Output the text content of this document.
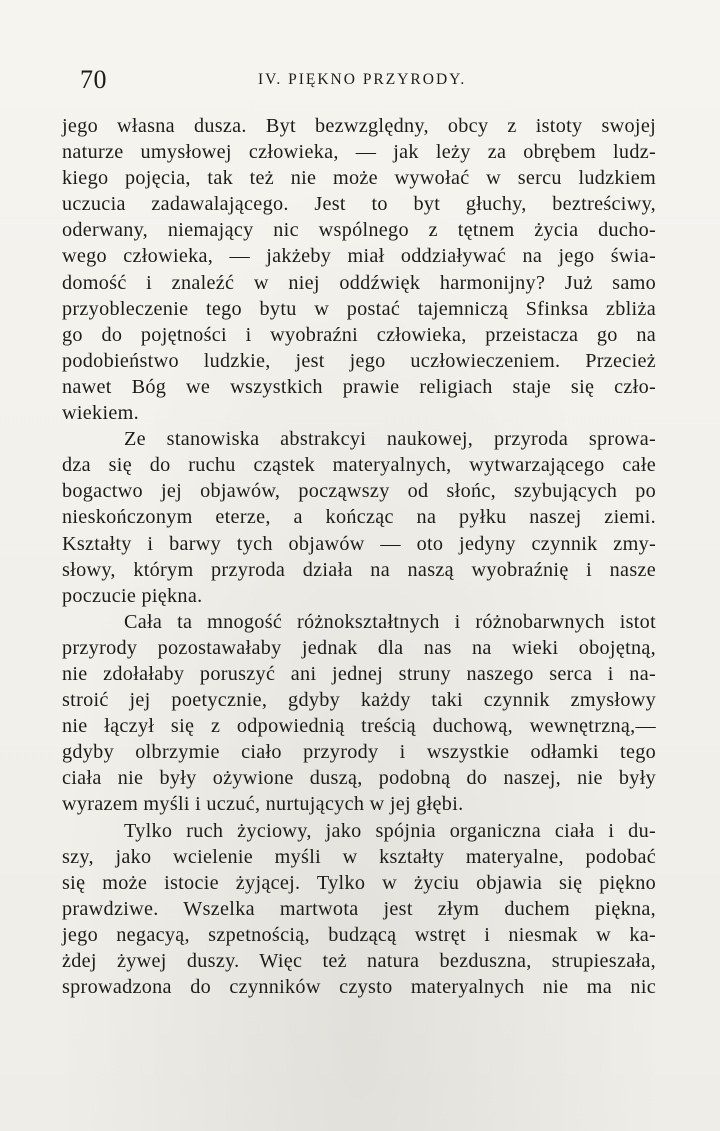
70	IV. PIĘKNO PRZYRODY.
jego własna dusza. Byt bezwzględny, obcy z istoty swojej
naturze umysłowej człowieka, — jak leży za obrębem ludz-
kiego pojęcia, tak też nie może wywołać w sercu ludzkiem
uczucia zadawalającego. Jest to byt głuchy, beztreściwy,
oderwany, niemający nic wspólnego z tętnem życia ducho-
wego człowieka, — jakżeby miał oddziaływać na jego świa-
domość i znaleźć w niej oddźwięk harmonijny? Już samo
przyobleczenie tego bytu w postać tajemniczą Sfinksa zbliża
go do pojętności i wyobraźni człowieka, przeistacza go na
podobieństwo ludzkie, jest jego uczłowieczeniem. Przecież
nawet Bóg we wszystkich prawie religiach staje się czło-
wiekiem.
Ze stanowiska abstrakcyi naukowej, przyroda sprowa-
dza się do ruchu cząstek materyalnych, wytwarzającego całe
bogactwo jej objawów, począwszy od słońc, szybujących po
nieskończonym eterze, a kończąc na pyłku naszej ziemi.
Kształty i barwy tych objawów — oto jedyny czynnik zmy-
słowy, którym przyroda działa na naszą wyobraźnię i nasze
poczucie piękna.
Cała ta mnogość różnokształtnych i różnobarwnych istot
przyrody pozostawałaby jednak dla nas na wieki obojętną,
nie zdołałaby poruszyć ani jednej struny naszego serca i na-
stroić jej poetycznie, gdyby każdy taki czynnik zmysłowy
nie łączył się z odpowiednią treścią duchową, wewnętrzną,—
gdyby olbrzymie ciało przyrody i wszystkie odłamki tego
ciała nie były ożywione duszą, podobną do naszej, nie były
wyrazem myśli i uczuć, nurtujących w jej głębi.
Tylko ruch życiowy, jako spójnia organiczna ciała i du-
szy, jako wcielenie myśli w kształty materyalne, podobać
się może istocie żyjącej. Tylko w życiu objawia się piękno
prawdziwe. Wszelka martwota jest złym duchem piękna,
jego negacyą, szpetnością, budzącą wstręt i niesmak w ka-
żdej żywej duszy. Więc też natura bezduszna, strupieszała,
sprowadzona do czynników czysto materyalnych nie ma nic
